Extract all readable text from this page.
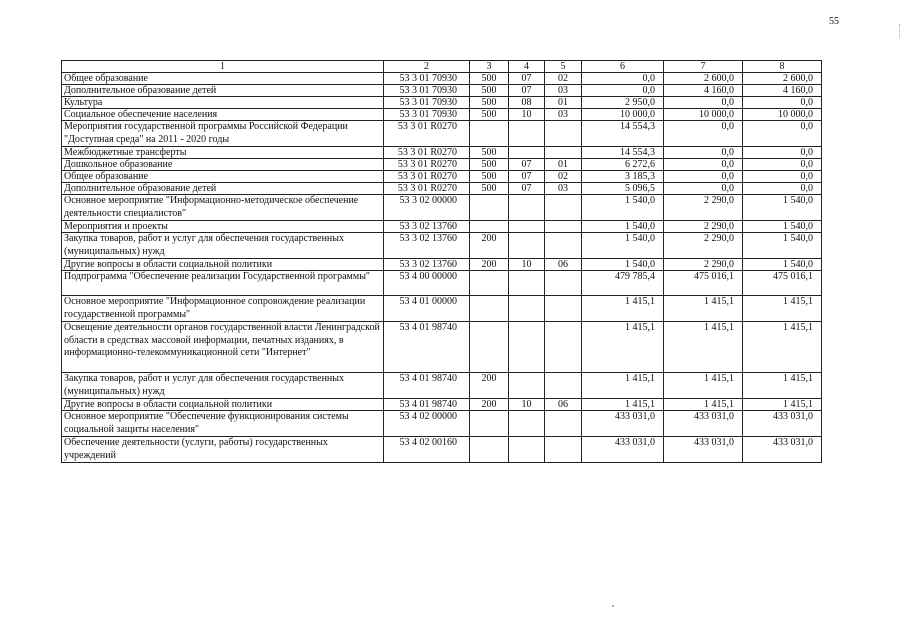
55
1	2	3	4	5	6	7	8
Общее образование	53 3 01 70930	500	07	02	0,0	2 600,0	2 600,0
Дополнительное образование детей	53 3 01 70930	500	07	03	0,0	4 160,0	4 160,0
Культура	53 3 01 70930	500	08	01	2 950,0	0,0	0,0
Социальное обеспечение населения	53 3 01 70930	500	10	03	10 000,0	10 000,0	10 000,0
Мероприятия государственной программы Российской Федерации "Доступная среда" на 2011 - 2020 годы	53 3 01 R0270				14 554,3	0,0	0,0
Межбюджетные трансферты	53 3 01 R0270	500			14 554,3	0,0	0,0
Дошкольное образование	53 3 01 R0270	500	07	01	6 272,6	0,0	0,0
Общее образование	53 3 01 R0270	500	07	02	3 185,3	0,0	0,0
Дополнительное образование детей	53 3 01 R0270	500	07	03	5 096,5	0,0	0,0
Основное мероприятие "Информационно-методическое обеспечение деятельности специалистов"	53 3 02 00000				1 540,0	2 290,0	1 540,0
Мероприятия и проекты	53 3 02 13760				1 540,0	2 290,0	1 540,0
Закупка товаров, работ и услуг для обеспечения государственных (муниципальных) нужд	53 3 02 13760	200			1 540,0	2 290,0	1 540,0
Другие вопросы в области социальной политики	53 3 02 13760	200	10	06	1 540,0	2 290,0	1 540,0
Подпрограмма "Обеспечение реализации Государственной программы"	53 4 00 00000				479 785,4	475 016,1	475 016,1
Основное мероприятие "Информационное сопровождение реализации государственной программы"	53 4 01 00000				1 415,1	1 415,1	1 415,1
Освещение деятельности органов государственной власти Ленинградской области в средствах массовой информации, печатных изданиях, в информационно-телекоммуникационной сети "Интернет"	53 4 01 98740				1 415,1	1 415,1	1 415,1
Закупка товаров, работ и услуг для обеспечения государственных (муниципальных) нужд	53 4 01 98740	200			1 415,1	1 415,1	1 415,1
Другие вопросы в области социальной политики	53 4 01 98740	200	10	06	1 415,1	1 415,1	1 415,1
Основное мероприятие "Обеспечение функционирования системы социальной защиты населения"	53 4 02 00000				433 031,0	433 031,0	433 031,0
Обеспечение деятельности (услуги, работы) государственных учреждений	53 4 02 00160				433 031,0	433 031,0	433 031,0
